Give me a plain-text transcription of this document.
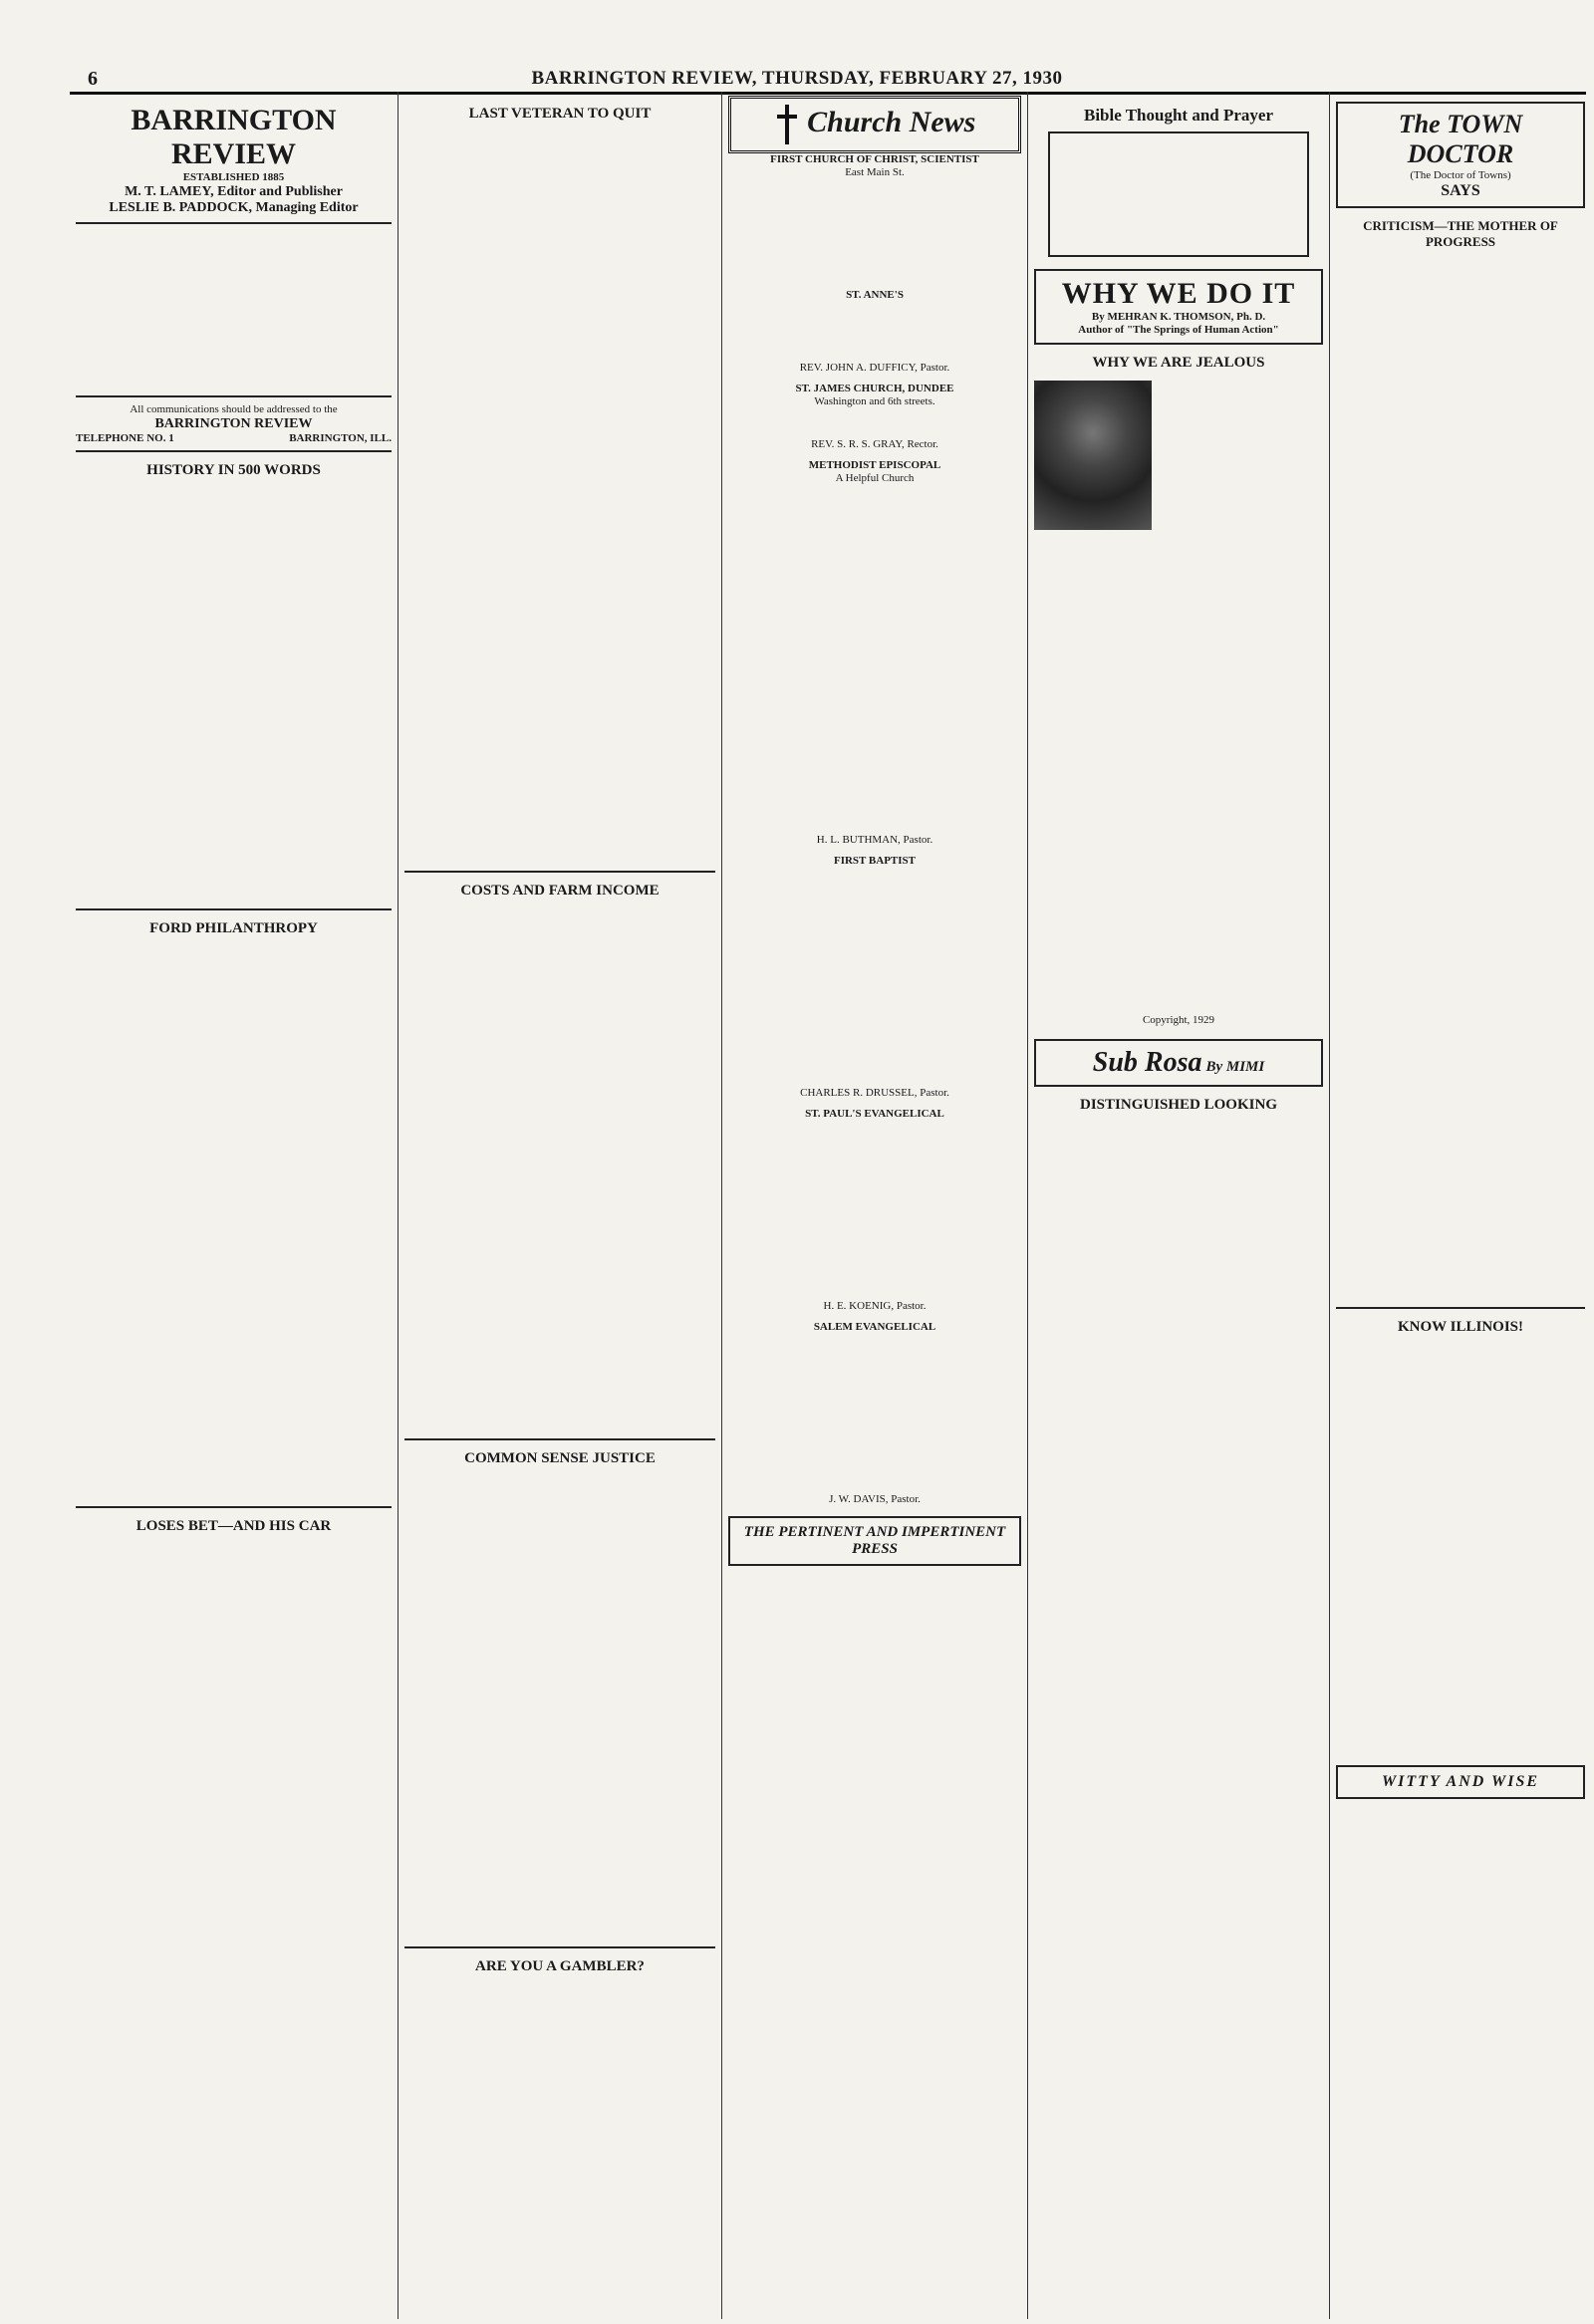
6	BARRINGTON REVIEW, THURSDAY, FEBRUARY 27, 1930
BARRINGTON REVIEW
ESTABLISHED 1885
M. T. LAMEY, Editor and Publisher
LESLIE B. PADDOCK, Managing Editor
All communications should be addressed to the
BARRINGTON REVIEW
TELEPHONE NO. 1	BARRINGTON, ILL.
HISTORY IN 500 WORDS
FORD PHILANTHROPY
LOSES BET—AND HIS CAR
LAST VETERAN TO QUIT
COSTS AND FARM INCOME
COMMON SENSE JUSTICE
ARE YOU A GAMBLER?
Church News
FIRST CHURCH OF CHRIST, SCIENTIST
East Main St.
ST. ANNE'S
REV. JOHN A. DUFFICY, Pastor.
ST. JAMES CHURCH, DUNDEE
Washington and 6th streets.
REV. S. R. S. GRAY, Rector.
METHODIST EPISCOPAL
A Helpful Church
H. L. BUTHMAN, Pastor.
FIRST BAPTIST
CHARLES R. DRUSSEL, Pastor.
ST. PAUL'S EVANGELICAL
H. E. KOENIG, Pastor.
SALEM EVANGELICAL
J. W. DAVIS, Pastor.
THE PERTINENT AND IMPERTINENT PRESS
Bible Thought and Prayer
WHY WE DO IT
By MEHRAN K. THOMSON, Ph. D.
Author of "The Springs of Human Action"
WHY WE ARE JEALOUS
Copyright, 1929
Sub Rosa By MIMI
DISTINGUISHED LOOKING
The TOWN DOCTOR
(The Doctor of Towns)
SAYS
CRITICISM—THE MOTHER OF PROGRESS
KNOW ILLINOIS!
WITTY AND WISE
